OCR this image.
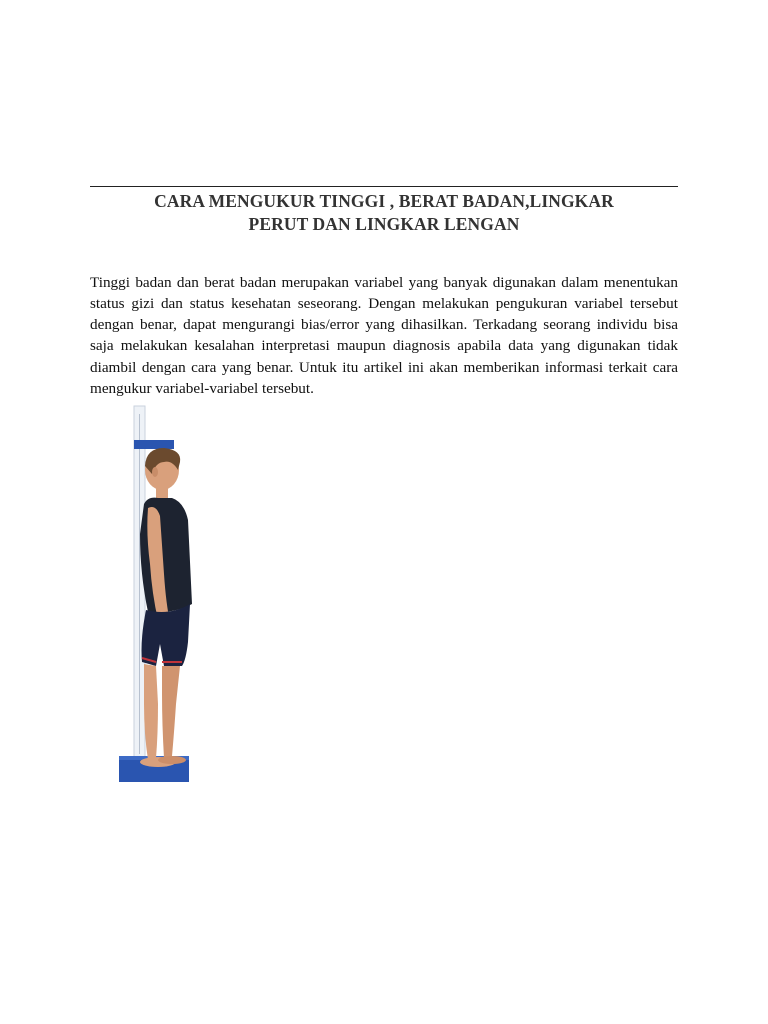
CARA MENGUKUR TINGGI , BERAT BADAN,LINGKAR
PERUT DAN LINGKAR LENGAN

Tinggi badan dan berat badan merupakan variabel yang banyak digunakan dalam menentukan status gizi dan status kesehatan seseorang. Dengan melakukan pengukuran variabel tersebut dengan benar, dapat mengurangi bias/error yang dihasilkan. Terkadang seorang individu bisa saja melakukan kesalahan interpretasi maupun diagnosis apabila data yang digunakan tidak diambil dengan cara yang benar. Untuk itu artikel ini akan memberikan informasi terkait cara mengukur variabel-variabel tersebut.
